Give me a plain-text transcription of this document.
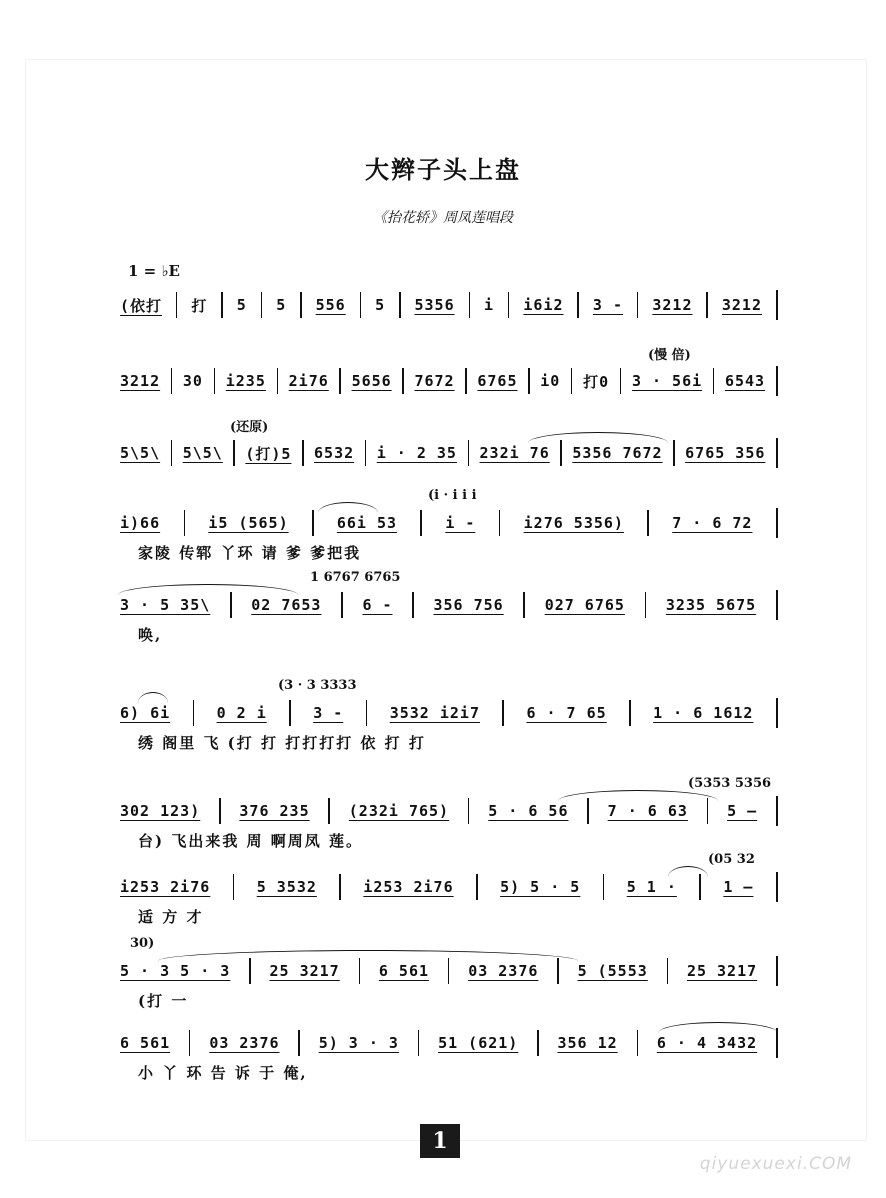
大辫子头上盘
《抬花轿》周凤莲唱段
1 = ♭E
(依打 打 5 5 556 5 5356 i i6i2 3 - 3212 3212
3212 30 i235 2i76 5656 7672 6765 i0 打0 3 · 56i 6543
(慢 倍)
5\5\ 5\5\ (打)5 6532 i · 2 35 232i 76 5356 7672 6765 356
(还原)
i)66	i5 (565)	66i 53	i -	i276 5356)	7 · 6 72
家陵 传郓 丫环 请 爹 爹把我
(i · i i i
3 · 5 35\	02 7653	6 -	356 756	027 6765	3235 5675
唤,
1 6767 6765
6) 6i	0 2 i	3 -	3532 i2i7	6 · 7 65	1 · 6 1612
绣 阁里 飞 (打 打 打打打打 依 打 打
(3 · 3 3333
302 123)	376 235	(232i 765)	5 · 6 56	7 · 6 63	5 —
台) 飞出来我 周 啊周凤 莲。
(5353 5356
i253 2i76	5 3532	i253 2i76	5) 5 · 5	5 1 ·	1 —
适 方 才
(05 32
5 · 3 5 · 3	25 3217	6 561	03 2376	5 (5553	25 3217
(打 一
30)
6 561	03 2376	5) 3 · 3	51 (621)	356 12	6 · 4 3432
小 丫 环 告 诉 于 俺,
1
qiyuexuexi.COM
